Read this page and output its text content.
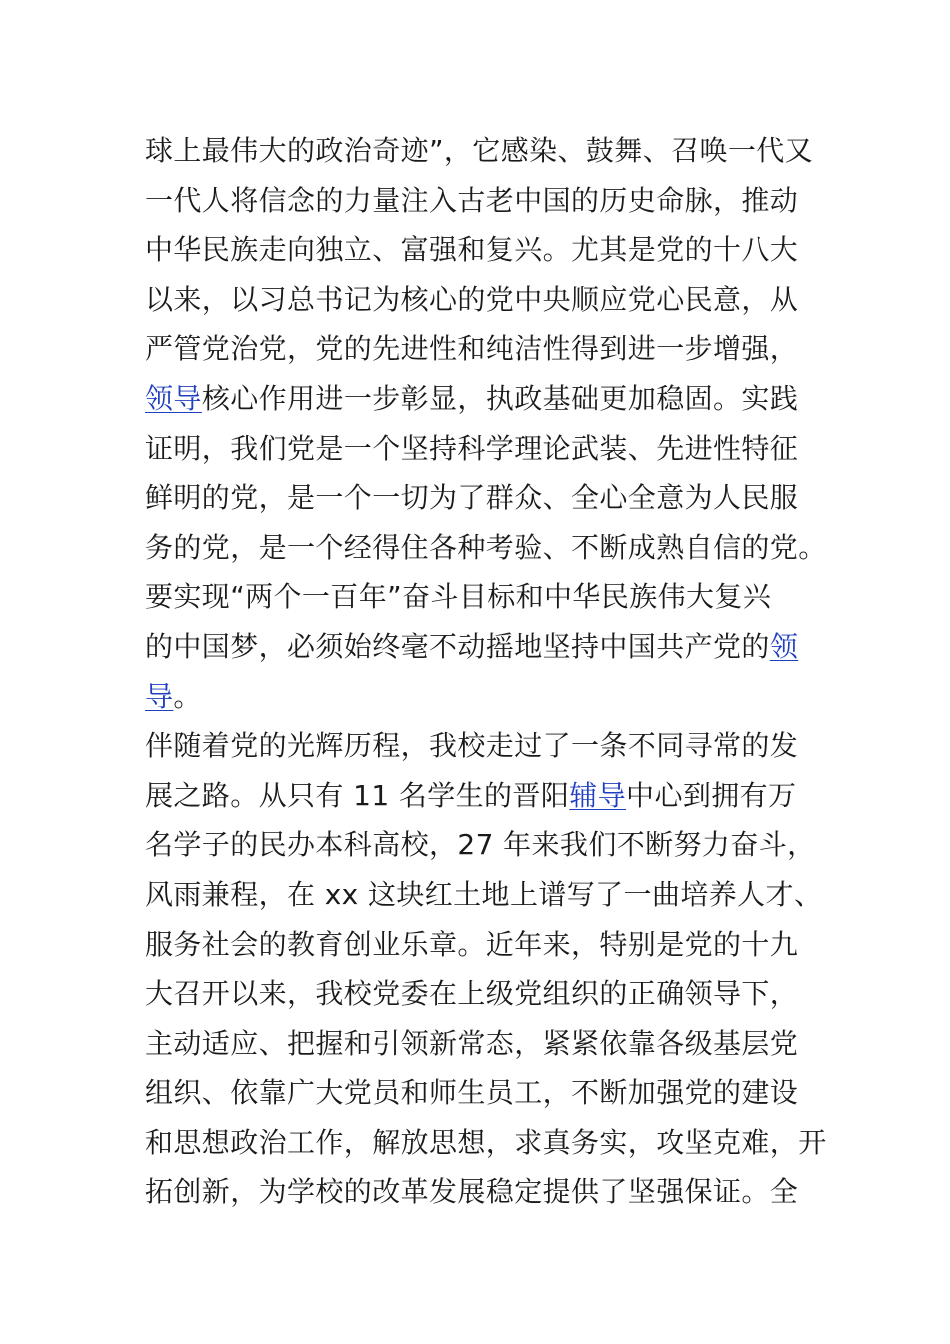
球上最伟大的政治奇迹”，它感染、鼓舞、召唤一代又
一代人将信念的力量注入古老中国的历史命脉，推动
中华民族走向独立、富强和复兴。尤其是党的十八大
以来，以习总书记为核心的党中央顺应党心民意，从
严管党治党，党的先进性和纯洁性得到进一步增强，
领导核心作用进一步彰显，执政基础更加稳固。实践
证明，我们党是一个坚持科学理论武装、先进性特征
鲜明的党，是一个一切为了群众、全心全意为人民服
务的党，是一个经得住各种考验、不断成熟自信的党。
要实现“两个一百年”奋斗目标和中华民族伟大复兴
的中国梦，必须始终毫不动摇地坚持中国共产党的领
导。
伴随着党的光辉历程，我校走过了一条不同寻常的发
展之路。从只有 11 名学生的晋阳辅导中心到拥有万
名学子的民办本科高校，27 年来我们不断努力奋斗，
风雨兼程，在 xx 这块红土地上谱写了一曲培养人才、
服务社会的教育创业乐章。近年来，特别是党的十九
大召开以来，我校党委在上级党组织的正确领导下，
主动适应、把握和引领新常态，紧紧依靠各级基层党
组织、依靠广大党员和师生员工，不断加强党的建设
和思想政治工作，解放思想，求真务实，攻坚克难，开
拓创新，为学校的改革发展稳定提供了坚强保证。全
